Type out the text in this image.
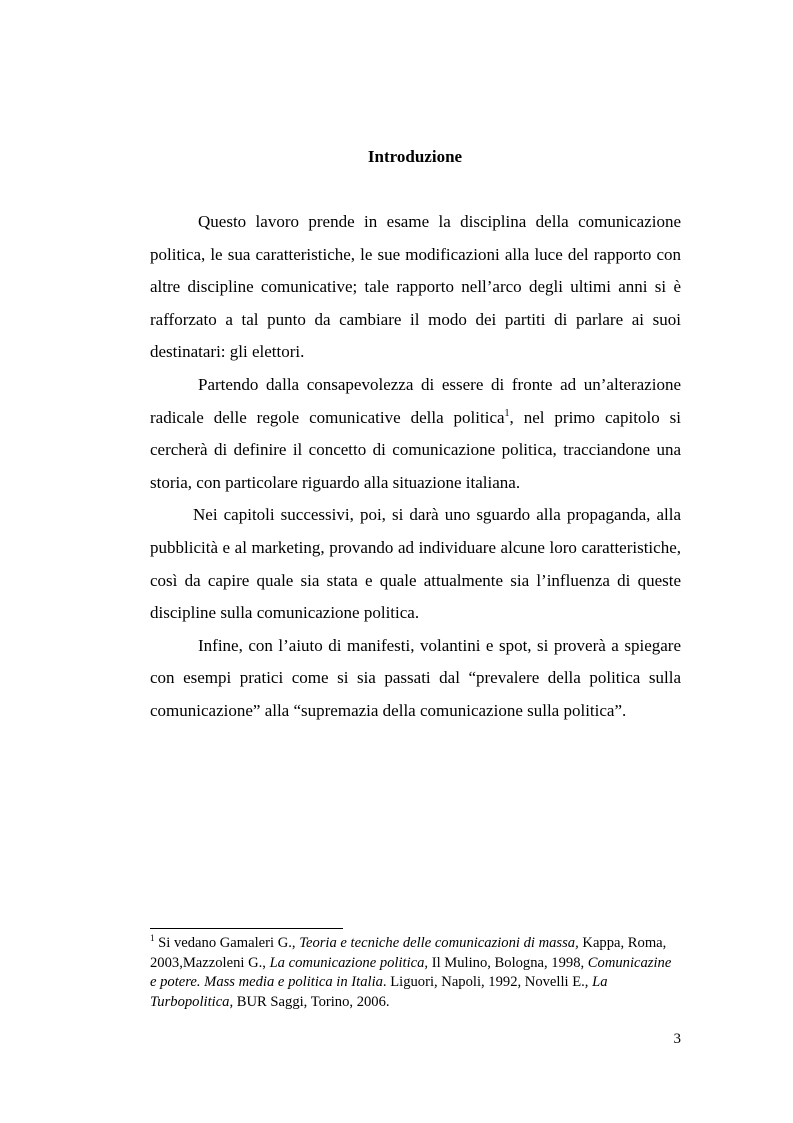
Introduzione

Questo lavoro prende in esame la disciplina della comunicazione politica, le sua caratteristiche, le sue modificazioni alla luce del rapporto con altre discipline comunicative; tale rapporto nell’arco degli ultimi anni si è rafforzato a tal punto da cambiare il modo dei partiti di parlare ai suoi destinatari: gli elettori.

Partendo dalla consapevolezza di essere di fronte ad un’alterazione radicale delle regole comunicative della politica$^1$, nel primo capitolo si cercherà di definire il concetto di comunicazione politica, tracciandone una storia, con particolare riguardo alla situazione italiana.

Nei capitoli successivi, poi, si darà uno sguardo alla propaganda, alla pubblicità e al marketing, provando ad individuare alcune loro caratteristiche, così da capire quale sia stata e quale attualmente sia l’influenza di queste discipline sulla comunicazione politica.

Infine, con l’aiuto di manifesti, volantini e spot, si proverà a spiegare con esempi pratici come si sia passati dal “prevalere della politica sulla comunicazione” alla “supremazia della comunicazione sulla politica”.

$^1$ Si vedano Gamaleri G., Teoria e tecniche delle comunicazioni di massa, Kappa, Roma, 2003,Mazzoleni G., La comunicazione politica, Il Mulino, Bologna, 1998, Comunicazine e potere. Mass media e politica in Italia. Liguori, Napoli, 1992, Novelli E., La Turbopolitica, BUR Saggi, Torino, 2006.
3
